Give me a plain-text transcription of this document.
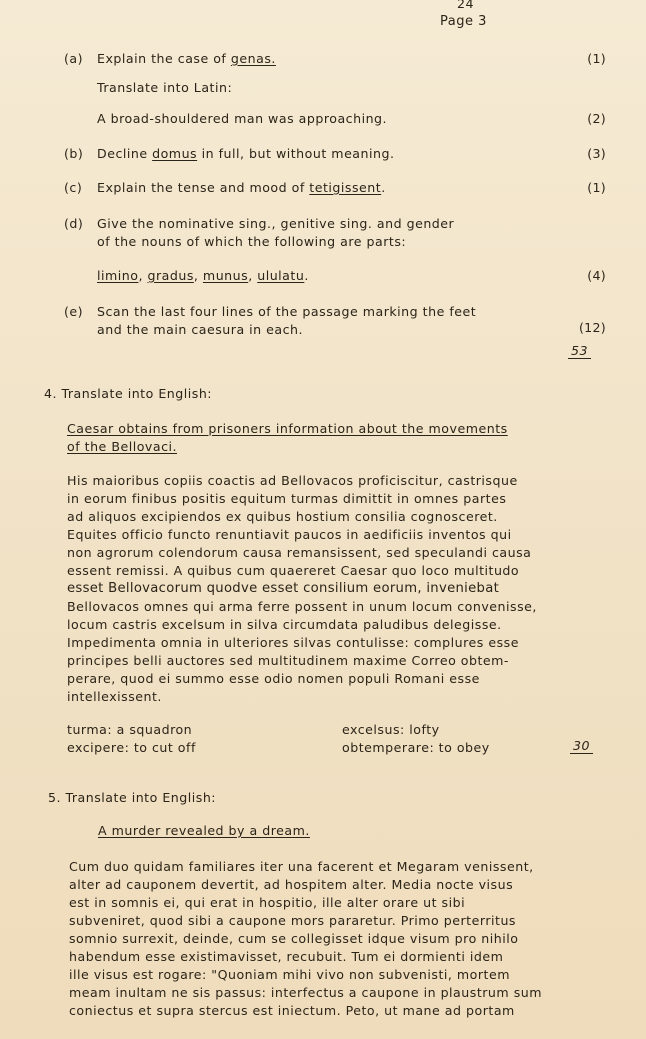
24
Page 3
(a) Explain the case of genas.	(1)
Translate into Latin:
A broad-shouldered man was approaching.	(2)
(b) Decline domus in full, but without meaning.	(3)
(c) Explain the tense and mood of tetigissent.	(1)
(d) Give the nominative sing., genitive sing. and gender
of the nouns of which the following are parts:
limino, gradus, munus, ululatu.	(4)
(e) Scan the last four lines of the passage marking the feet
and the main caesura in each.	(12)
53
4. Translate into English:
Caesar obtains from prisoners information about the movements
of the Bellovaci.
His maioribus copiis coactis ad Bellovacos proficiscitur, castrisque
in eorum finibus positis equitum turmas dimittit in omnes partes
ad aliquos excipiendos ex quibus hostium consilia cognosceret.
Equites officio functo renuntiavit paucos in aedificiis inventos qui
non agrorum colendorum causa remansissent, sed speculandi causa
essent remissi. A quibus cum quaereret Caesar quo loco multitudo
esset Bellovacorum quodve esset consilium eorum, inveniebat
Bellovacos omnes qui arma ferre possent in unum locum convenisse,
locum castris excelsum in silva circumdata paludibus delegisse.
Impedimenta omnia in ulteriores silvas contulisse: complures esse
principes belli auctores sed multitudinem maxime Correo obtem-
perare, quod ei summo esse odio nomen populi Romani esse
intellexissent.
turma: a squadron	excelsus: lofty
excipere: to cut off	obtemperare: to obey	30
5. Translate into English:
A murder revealed by a dream.
Cum duo quidam familiares iter una facerent et Megaram venissent,
alter ad cauponem devertit, ad hospitem alter. Media nocte visus
est in somnis ei, qui erat in hospitio, ille alter orare ut sibi
subveniret, quod sibi a caupone mors pararetur. Primo perterritus
somnio surrexit, deinde, cum se collegisset idque visum pro nihilo
habendum esse existimavisset, recubuit. Tum ei dormienti idem
ille visus est rogare: "Quoniam mihi vivo non subvenisti, mortem
meam inultam ne sis passus: interfectus a caupone in plaustrum sum
coniectus et supra stercus est iniectum. Peto, ut mane ad portam
